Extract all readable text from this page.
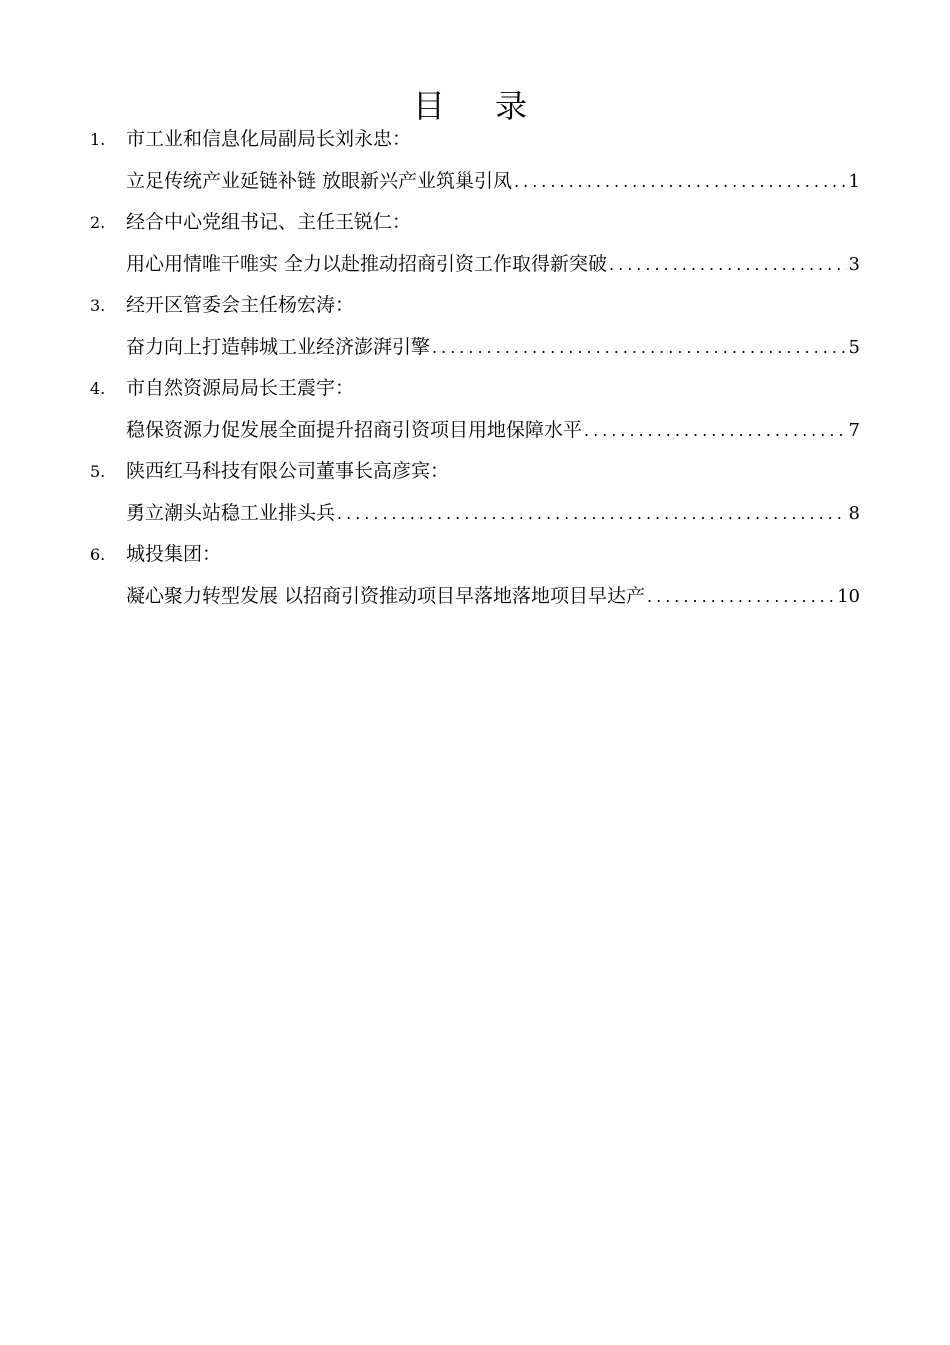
目 录
1. 市工业和信息化局副局长刘永忠：
立足传统产业延链补链 放眼新兴产业筑巢引凤 .....	1
2. 经合中心党组书记、主任王锐仁：
用心用情唯干唯实 全力以赴推动招商引资工作取得新突破 .....	3
3. 经开区管委会主任杨宏涛：
奋力向上打造韩城工业经济澎湃引擎 .....	5
4. 市自然资源局局长王震宇：
稳保资源力促发展全面提升招商引资项目用地保障水平 .....	7
5. 陕西红马科技有限公司董事长高彦宾：
勇立潮头站稳工业排头兵 .....	8
6. 城投集团：
凝心聚力转型发展 以招商引资推动项目早落地落地项目早达产 .....	10
